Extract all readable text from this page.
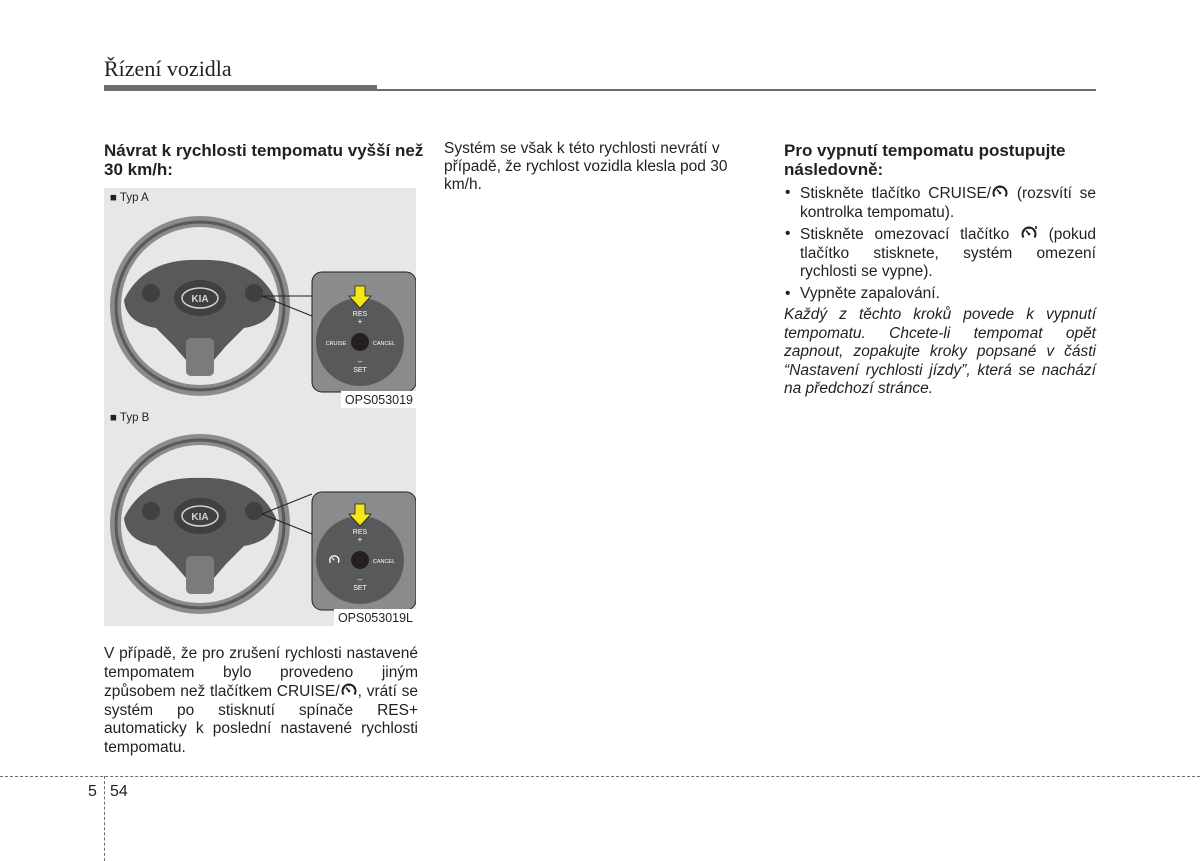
Řízení vozidla
Návrat k rychlosti tempomatu vyšší než 30 km/h:
■ Typ A
KIA
RES
+
CRUISE	CANCEL
–
SET
OPS053019
■ Typ B
KIA
RES
+
CANCEL
–
SET
OPS053019L

V případě, že pro zrušení rychlosti nastavené tempomatem bylo provedeno jiným způsobem než tlačítkem CRUISE/ , vrátí se systém po stisknutí spínače RES+ automaticky k poslední nastavené rychlosti tempomatu.

Systém se však k této rychlosti nevrátí v případě, že rychlost vozidla klesla pod 30 km/h.

Pro vypnutí tempomatu postupujte následovně:
• Stiskněte tlačítko CRUISE/ (rozsvítí se kontrolka tempomatu).
• Stiskněte omezovací tlačítko  (pokud tlačítko stisknete, systém omezení rychlosti se vypne).
• Vypněte zapalování.

Každý z těchto kroků povede k vypnutí tempomatu. Chcete-li tempomat opět zapnout, zopakujte kroky popsané v části “Nastavení rychlosti jízdy”, která se nachází na předchozí stránce.

5 54
